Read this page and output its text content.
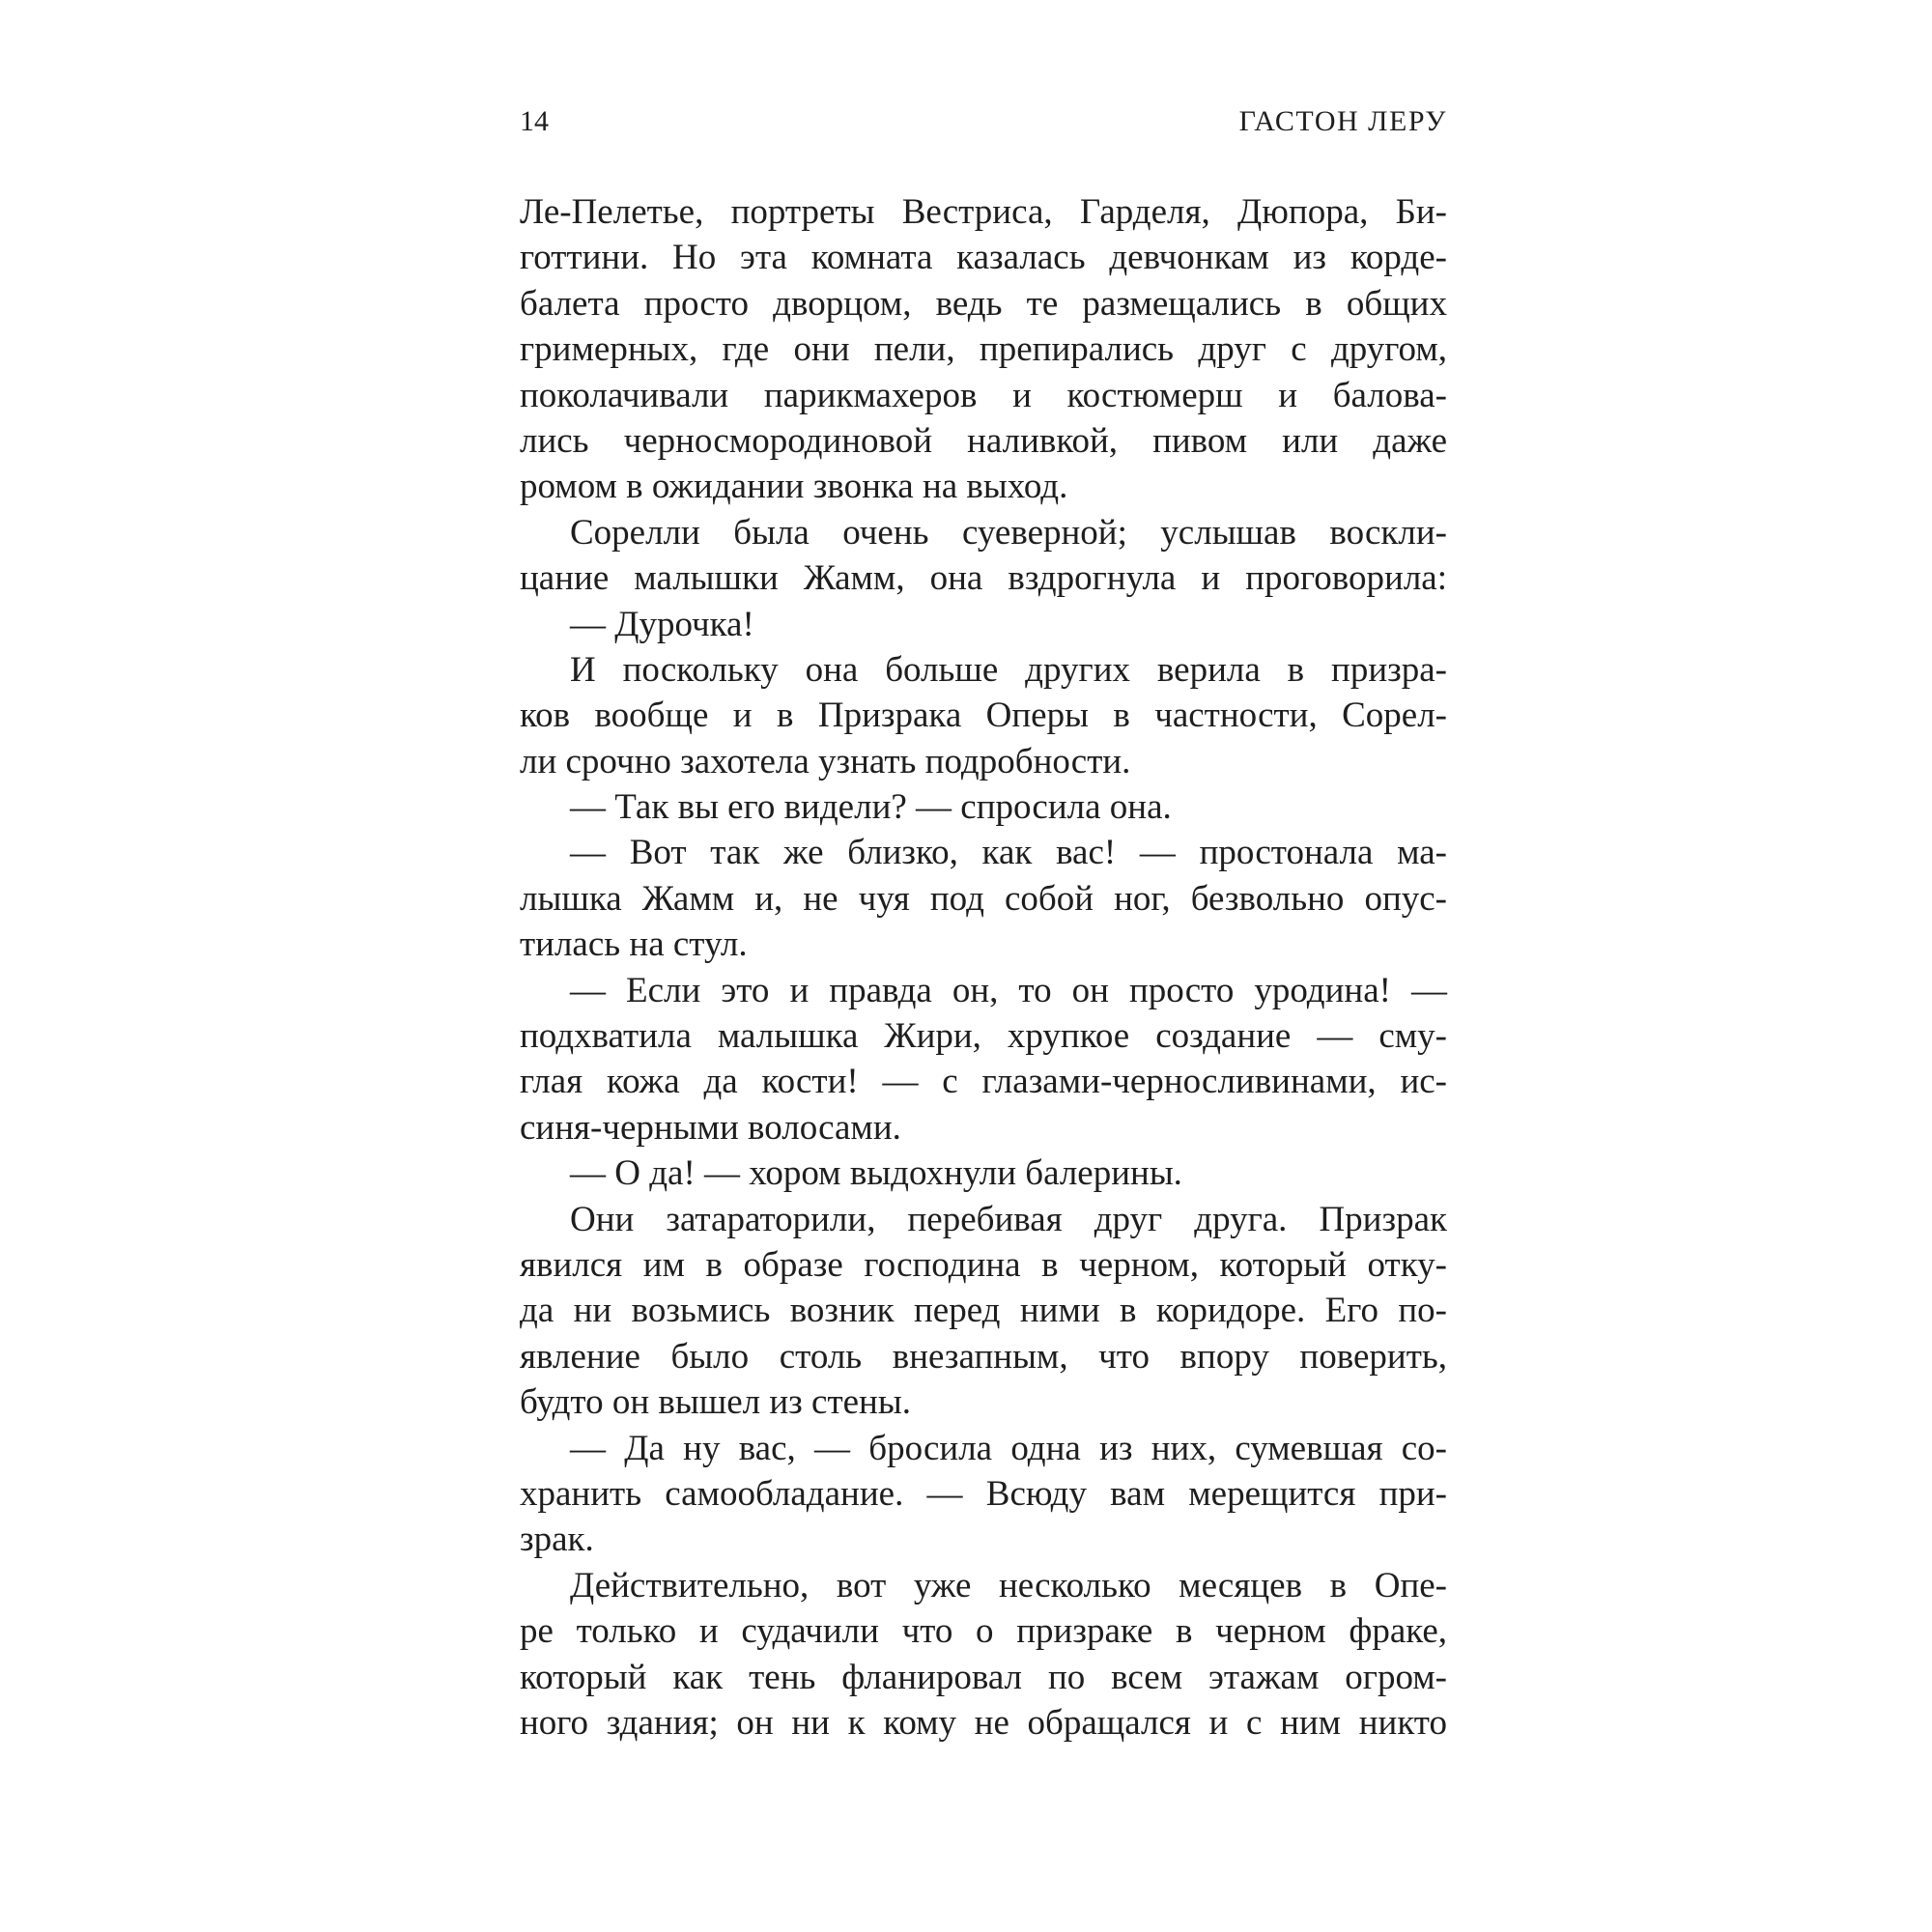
14	ГАСТОН ЛЕРУ
Ле-Пелетье, портреты Вестриса, Гарделя, Дюпора, Би-
готтини. Но эта комната казалась девчонкам из корде-
балета просто дворцом, ведь те размещались в общих
гримерных, где они пели, препирались друг с другом,
поколачивали парикмахеров и костюмерш и балова-
лись черносмородиновой наливкой, пивом или даже
ромом в ожидании звонка на выход.
Сорелли была очень суеверной; услышав воскли-
цание малышки Жамм, она вздрогнула и проговорила:
— Дурочка!
И поскольку она больше других верила в призра-
ков вообще и в Призрака Оперы в частности, Сорел-
ли срочно захотела узнать подробности.
— Так вы его видели? — спросила она.
— Вот так же близко, как вас! — простонала ма-
лышка Жамм и, не чуя под собой ног, безвольно опус-
тилась на стул.
— Если это и правда он, то он просто уродина! —
подхватила малышка Жири, хрупкое создание — сму-
глая кожа да кости! — с глазами-черносливинами, ис-
синя-черными волосами.
— О да! — хором выдохнули балерины.
Они затараторили, перебивая друг друга. Призрак
явился им в образе господина в черном, который отку-
да ни возьмись возник перед ними в коридоре. Его по-
явление было столь внезапным, что впору поверить,
будто он вышел из стены.
— Да ну вас, — бросила одна из них, сумевшая со-
хранить самообладание. — Всюду вам мерещится при-
зрак.
Действительно, вот уже несколько месяцев в Опе-
ре только и судачили что о призраке в черном фраке,
который как тень фланировал по всем этажам огром-
ного здания; он ни к кому не обращался и с ним никто
